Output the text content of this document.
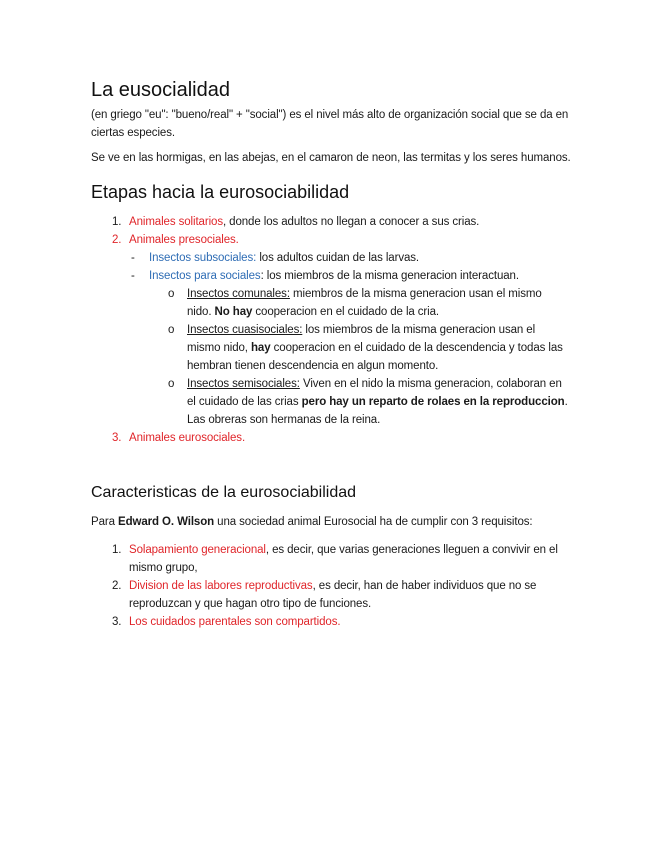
La eusocialidad

(en griego "eu": "bueno/real" + "social") es el nivel más alto de organización social que se da en ciertas especies.

Se ve en las hormigas, en las abejas, en el camaron de neon, las termitas y los seres humanos.

Etapas hacia la eurosociabilidad
1. Animales solitarios, donde los adultos no llegan a conocer a sus crias.
2. Animales presociales.
- Insectos subsociales: los adultos cuidan de las larvas.
- Insectos para sociales: los miembros de la misma generacion interactuan.
o Insectos comunales: miembros de la misma generacion usan el mismo nido. No hay cooperacion en el cuidado de la cria.
o Insectos cuasisociales: los miembros de la misma generacion usan el mismo nido, hay cooperacion en el cuidado de la descendencia y todas las hembran tienen descendencia en algun momento.
o Insectos semisociales: Viven en el nido la misma generacion, colaboran en el cuidado de las crias pero hay un reparto de rolaes en la reproduccion. Las obreras son hermanas de la reina.
3. Animales eurosociales.
Caracteristicas de la eurosociabilidad

Para Edward O. Wilson una sociedad animal Eurosocial ha de cumplir con 3 requisitos:

1. Solapamiento generacional, es decir, que varias generaciones lleguen a convivir en el mismo grupo,
2. Division de las labores reproductivas, es decir, han de haber individuos que no se reproduzcan y que hagan otro tipo de funciones.
3. Los cuidados parentales son compartidos.
